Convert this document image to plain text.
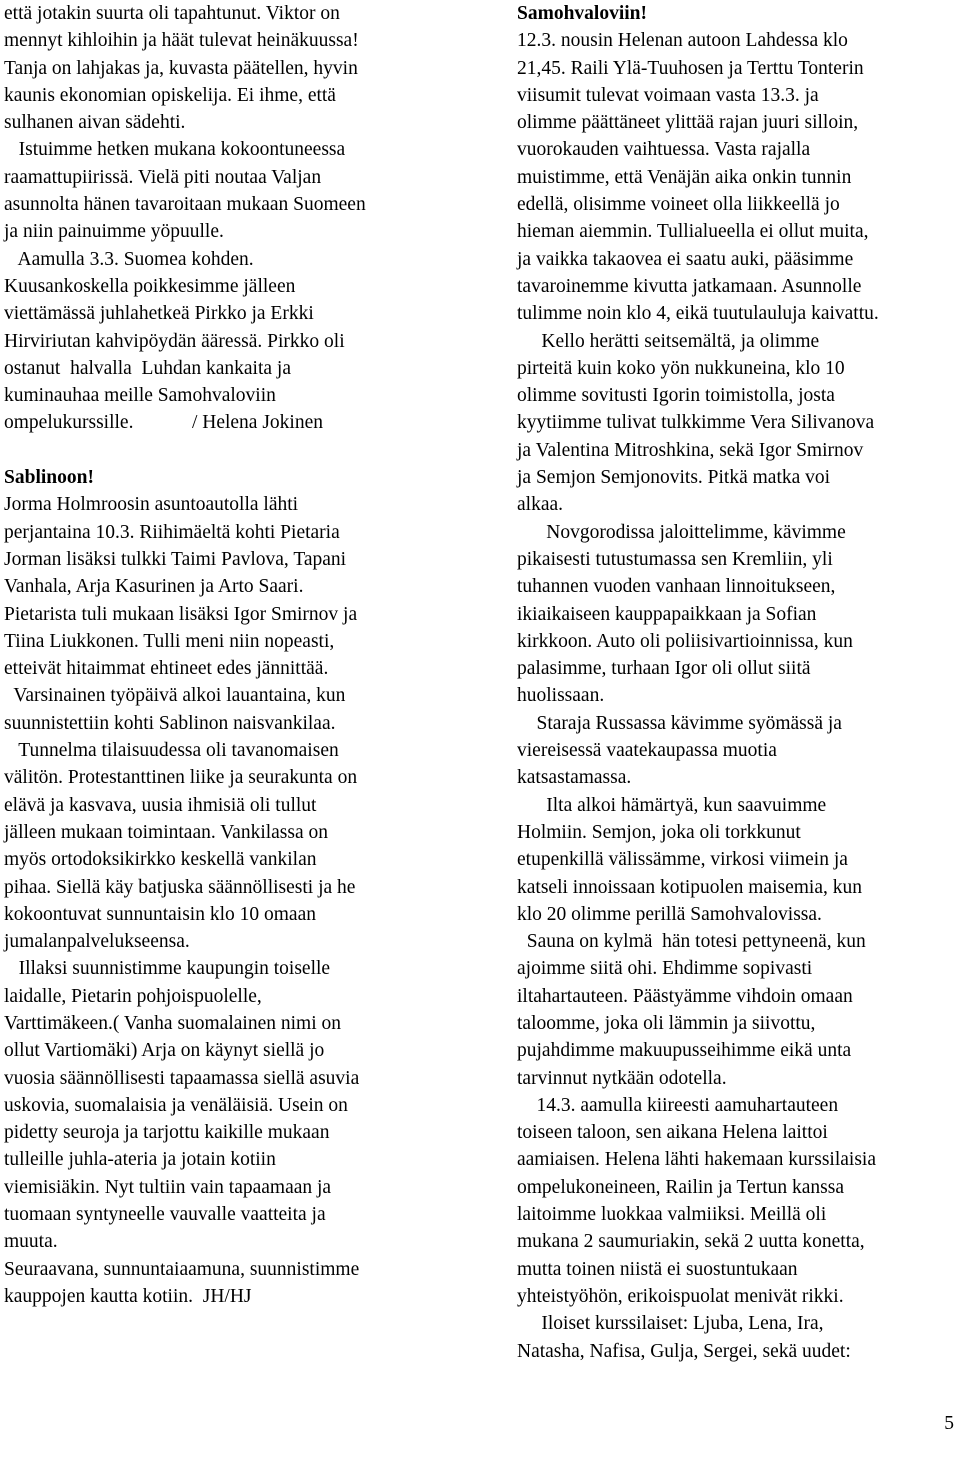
että jotakin suurta oli tapahtunut. Viktor on
mennyt kihloihin ja häät tulevat heinäkuussa!
Tanja on lahjakas ja, kuvasta päätellen, hyvin
kaunis ekonomian opiskelija. Ei ihme, että
sulhanen aivan sädehti.
Istuimme hetken mukana kokoontuneessa
raamattupiirissä. Vielä piti noutaa Valjan
asunnolta hänen tavaroitaan mukaan Suomeen
ja niin painuimme yöpuulle.
Aamulla 3.3. Suomea kohden.
Kuusankoskella poikkesimme jälleen
viettämässä juhlahetkeä Pirkko ja Erkki
Hirviriutan kahvipöydän ääressä. Pirkko oli
ostanut  halvalla  Luhdan kankaita ja
kuminauhaa meille Samohvaloviin
ompelukurssille.            / Helena Jokinen
Sablinoon!
Jorma Holmroosin asuntoautolla lähti
perjantaina 10.3. Riihimäeltä kohti Pietaria
Jorman lisäksi tulkki Taimi Pavlova, Tapani
Vanhala, Arja Kasurinen ja Arto Saari.
Pietarista tuli mukaan lisäksi Igor Smirnov ja
Tiina Liukkonen. Tulli meni niin nopeasti,
etteivät hitaimmat ehtineet edes jännittää.
Varsinainen työpäivä alkoi lauantaina, kun
suunnistettiin kohti Sablinon naisvankilaa.
Tunnelma tilaisuudessa oli tavanomaisen
välitön. Protestanttinen liike ja seurakunta on
elävä ja kasvava, uusia ihmisiä oli tullut
jälleen mukaan toimintaan. Vankilassa on
myös ortodoksikirkko keskellä vankilan
pihaa. Siellä käy batjuska säännöllisesti ja he
kokoontuvat sunnuntaisin klo 10 omaan
jumalanpalvelukseensa.
Illaksi suunnistimme kaupungin toiselle
laidalle, Pietarin pohjoispuolelle,
Varttimäkeen.( Vanha suomalainen nimi on
ollut Vartiomäki) Arja on käynyt siellä jo
vuosia säännöllisesti tapaamassa siellä asuvia
uskovia, suomalaisia ja venäläisiä. Usein on
pidetty seuroja ja tarjottu kaikille mukaan
tulleille juhla-ateria ja jotain kotiin
viemisiäkin. Nyt tultiin vain tapaamaan ja
tuomaan syntyneelle vauvalle vaatteita ja
muuta.
Seuraavana, sunnuntaiaamuna, suunnistimme
kauppojen kautta kotiin.  JH/HJ
Samohvaloviin!
12.3. nousin Helenan autoon Lahdessa klo
21,45. Raili Ylä-Tuuhosen ja Terttu Tonterin
viisumit tulevat voimaan vasta 13.3. ja
olimme päättäneet ylittää rajan juuri silloin,
vuorokauden vaihtuessa. Vasta rajalla
muistimme, että Venäjän aika onkin tunnin
edellä, olisimme voineet olla liikkeellä jo
hieman aiemmin. Tullialueella ei ollut muita,
ja vaikka takaovea ei saatu auki, pääsimme
tavaroinemme kivutta jatkamaan. Asunnolle
tulimme noin klo 4, eikä tuutulauluja kaivattu.
Kello herätti seitsemältä, ja olimme
pirteitä kuin koko yön nukkuneina, klo 10
olimme sovitusti Igorin toimistolla, josta
kyytiimme tulivat tulkkimme Vera Silivanova
ja Valentina Mitroshkina, sekä Igor Smirnov
ja Semjon Semjonovits. Pitkä matka voi
alkaa.
Novgorodissa jaloittelimme, kävimme
pikaisesti tutustumassa sen Kremliin, yli
tuhannen vuoden vanhaan linnoitukseen,
ikiaikaiseen kauppapaikkaan ja Sofian
kirkkoon. Auto oli poliisivartioinnissa, kun
palasimme, turhaan Igor oli ollut siitä
huolissaan.
Staraja Russassa kävimme syömässä ja
viereisessä vaatekaupassa muotia
katsastamassa.
Ilta alkoi hämärtyä, kun saavuimme
Holmiin. Semjon, joka oli torkkunut
etupenkillä välissämme, virkosi viimein ja
katseli innoissaan kotipuolen maisemia, kun
klo 20 olimme perillä Samohvalovissa.
Sauna on kylmä  hän totesi pettyneenä, kun
ajoimme siitä ohi. Ehdimme sopivasti
iltahartauteen. Päästyämme vihdoin omaan
taloomme, joka oli lämmin ja siivottu,
pujahdimme makuupusseihimme eikä unta
tarvinnut nytkään odotella.
14.3. aamulla kiireesti aamuhartauteen
toiseen taloon, sen aikana Helena laittoi
aamiaisen. Helena lähti hakemaan kurssilaisia
ompelukoneineen, Railin ja Tertun kanssa
laitoimme luokkaa valmiiksi. Meillä oli
mukana 2 saumuriakin, sekä 2 uutta konetta,
mutta toinen niistä ei suostuntukaan
yhteistyöhön, erikoispuolat menivät rikki.
Iloiset kurssilaiset: Ljuba, Lena, Ira,
Natasha, Nafisa, Gulja, Sergei, sekä uudet:
5
